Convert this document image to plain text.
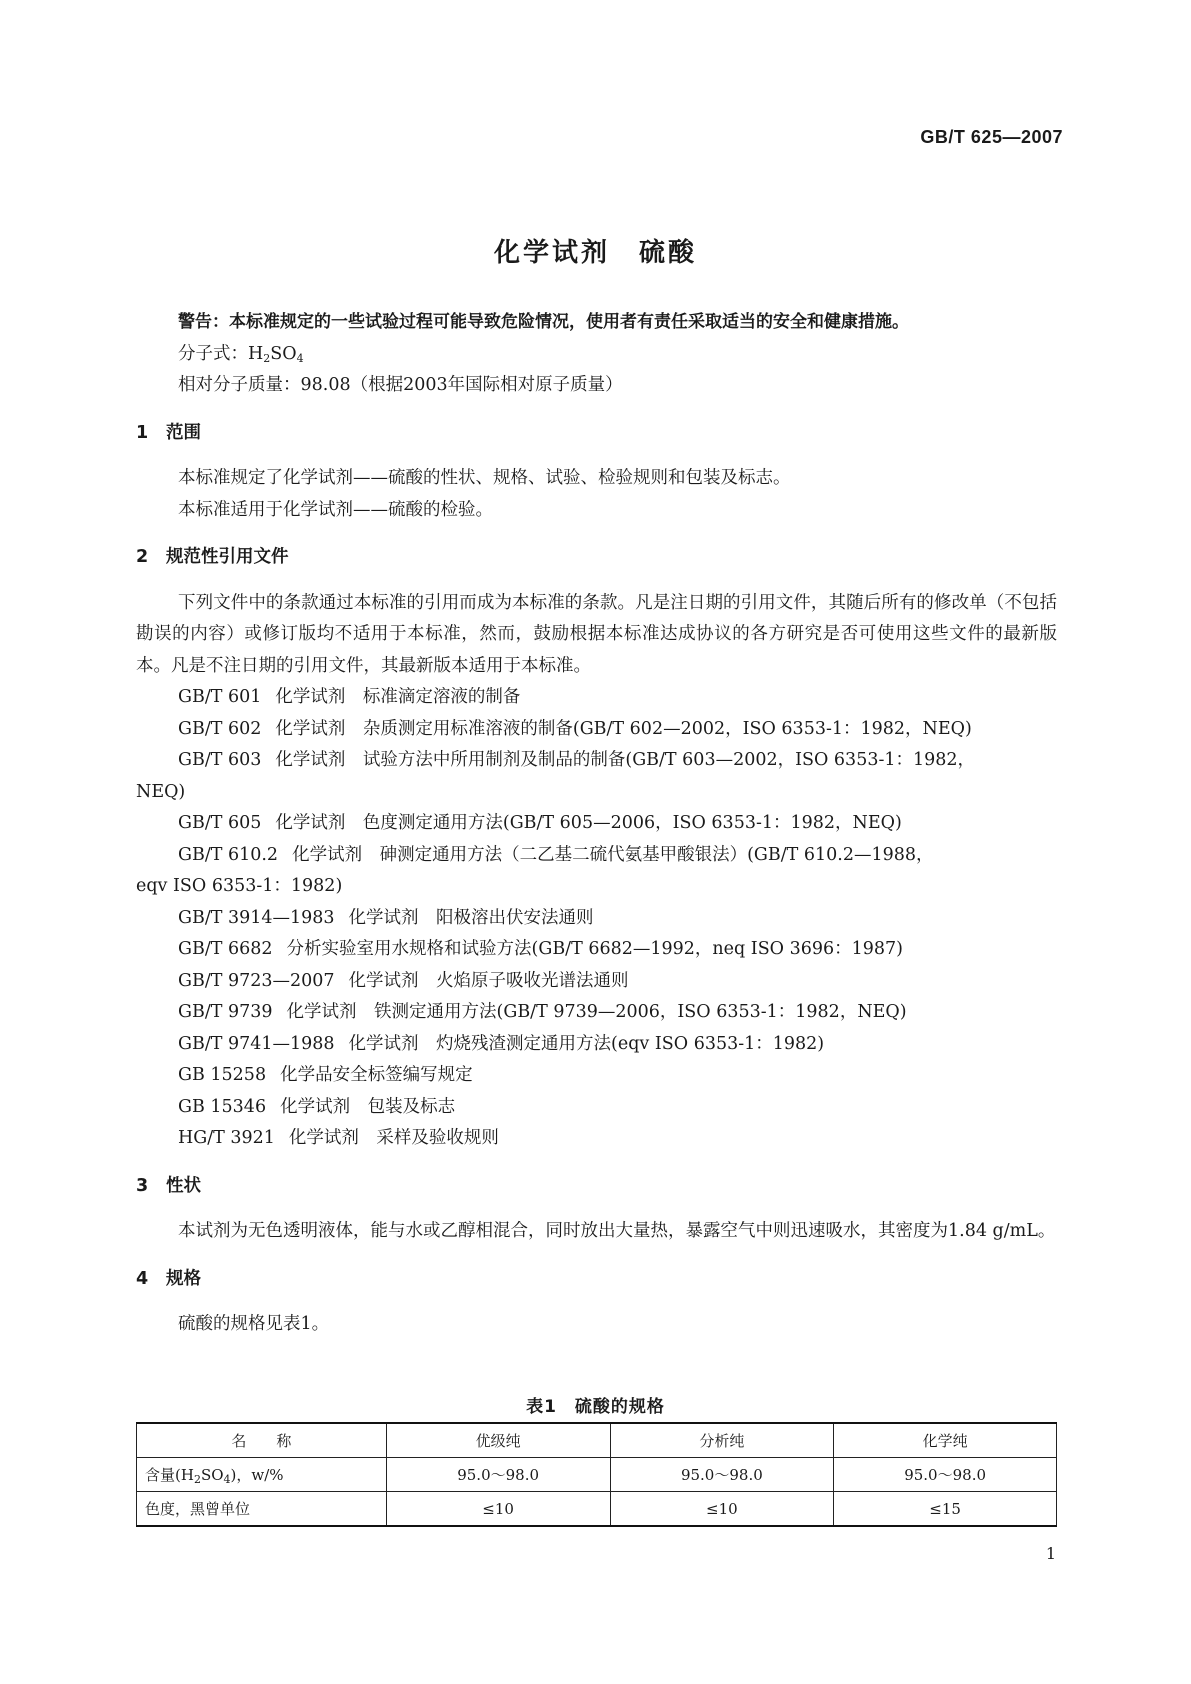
GB/T 625—2007
化学试剂　硫酸

警告：本标准规定的一些试验过程可能导致危险情况，使用者有责任采取适当的安全和健康措施。

分子式：$H_2SO_4$

相对分子质量：98.08（根据2003年国际相对原子质量）

1 范围

本标准规定了化学试剂——硫酸的性状、规格、试验、检验规则和包装及标志。

本标准适用于化学试剂——硫酸的检验。

2 规范性引用文件

下列文件中的条款通过本标准的引用而成为本标准的条款。凡是注日期的引用文件，其随后所有的修改单（不包括勘误的内容）或修订版均不适用于本标准，然而，鼓励根据本标准达成协议的各方研究是否可使用这些文件的最新版本。凡是不注日期的引用文件，其最新版本适用于本标准。

GB/T 601 化学试剂　标准滴定溶液的制备

GB/T 602 化学试剂　杂质测定用标准溶液的制备(GB/T 602—2002，ISO 6353-1：1982，NEQ)

GB/T 603 化学试剂　试验方法中所用制剂及制品的制备(GB/T 603—2002，ISO 6353-1：1982，
NEQ)

GB/T 605 化学试剂　色度测定通用方法(GB/T 605—2006，ISO 6353-1：1982，NEQ)

GB/T 610.2 化学试剂　砷测定通用方法（二乙基二硫代氨基甲酸银法）(GB/T 610.2—1988，
eqv ISO 6353-1：1982)

GB/T 3914—1983 化学试剂　阳极溶出伏安法通则

GB/T 6682 分析实验室用水规格和试验方法(GB/T 6682—1992，neq ISO 3696：1987)

GB/T 9723—2007 化学试剂　火焰原子吸收光谱法通则

GB/T 9739 化学试剂　铁测定通用方法(GB/T 9739—2006，ISO 6353-1：1982，NEQ)

GB/T 9741—1988 化学试剂　灼烧残渣测定通用方法(eqv ISO 6353-1：1982)

GB 15258 化学品安全标签编写规定

GB 15346 化学试剂　包装及标志

HG/T 3921 化学试剂　采样及验收规则

3 性状

本试剂为无色透明液体，能与水或乙醇相混合，同时放出大量热，暴露空气中则迅速吸水，其密度为1.84 g/mL。

4 规格

硫酸的规格见表1。

表1　硫酸的规格
名　　称	优级纯	分析纯	化学纯
含量$(H_2SO_4)$，w/%	95.0～98.0	95.0～98.0	95.0～98.0
色度，黑曾单位	≤10	≤10	≤15
1
